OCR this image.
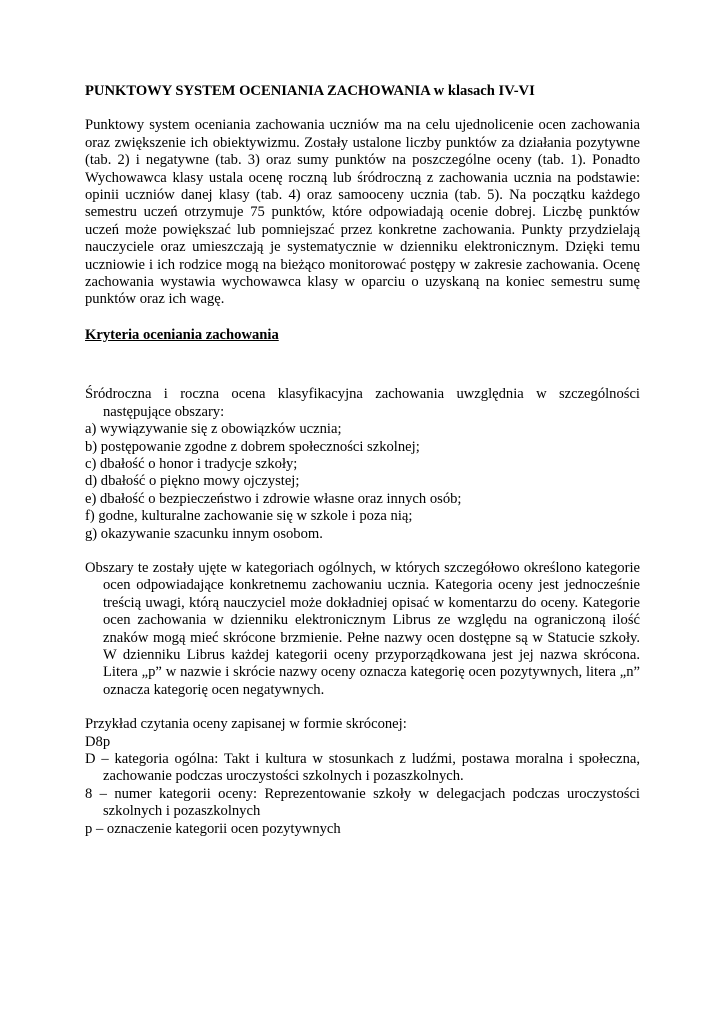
PUNKTOWY SYSTEM OCENIANIA ZACHOWANIA w klasach IV-VI

Punktowy system oceniania zachowania uczniów ma na celu ujednolicenie ocen zachowania oraz zwiększenie ich obiektywizmu. Zostały ustalone liczby punktów za działania pozytywne (tab. 2) i negatywne (tab. 3) oraz sumy punktów na poszczególne oceny (tab. 1). Ponadto Wychowawca klasy ustala ocenę roczną lub śródroczną z zachowania ucznia na podstawie: opinii uczniów danej klasy (tab. 4) oraz samooceny ucznia (tab. 5). Na początku każdego semestru uczeń otrzymuje 75 punktów, które odpowiadają ocenie dobrej. Liczbę punktów uczeń może powiększać lub pomniejszać przez konkretne zachowania. Punkty przydzielają nauczyciele oraz umieszczają je systematycznie w dzienniku elektronicznym. Dzięki temu uczniowie i ich rodzice mogą na bieżąco monitorować postępy w zakresie zachowania. Ocenę zachowania wystawia wychowawca klasy w oparciu o uzyskaną na koniec semestru sumę punktów oraz ich wagę.

Kryteria oceniania zachowania

Śródroczna i roczna ocena klasyfikacyjna zachowania uwzględnia w szczególności następujące obszary:

a) wywiązywanie się z obowiązków ucznia;
b) postępowanie zgodne z dobrem społeczności szkolnej;
c) dbałość o honor i tradycje szkoły;
d) dbałość o piękno mowy ojczystej;
e) dbałość o bezpieczeństwo i zdrowie własne oraz innych osób;
f) godne, kulturalne zachowanie się w szkole i poza nią;
g) okazywanie szacunku innym osobom.

Obszary te zostały ujęte w kategoriach ogólnych, w których szczegółowo określono kategorie ocen odpowiadające konkretnemu zachowaniu ucznia. Kategoria oceny jest jednocześnie treścią uwagi, którą nauczyciel może dokładniej opisać w komentarzu do oceny. Kategorie ocen zachowania w dzienniku elektronicznym Librus ze względu na ograniczoną ilość znaków mogą mieć skrócone brzmienie. Pełne nazwy ocen dostępne są w Statucie szkoły. W dzienniku Librus każdej kategorii oceny przyporządkowana jest jej nazwa skrócona. Litera „p” w nazwie i skrócie nazwy oceny oznacza kategorię ocen pozytywnych, litera „n” oznacza kategorię ocen negatywnych.

Przykład czytania oceny zapisanej w formie skróconej:

D8p

D – kategoria ogólna: Takt i kultura w stosunkach z ludźmi, postawa moralna i społeczna, zachowanie podczas uroczystości szkolnych i pozaszkolnych.

8 – numer kategorii oceny: Reprezentowanie szkoły w delegacjach podczas uroczystości szkolnych i pozaszkolnych

p – oznaczenie kategorii ocen pozytywnych
